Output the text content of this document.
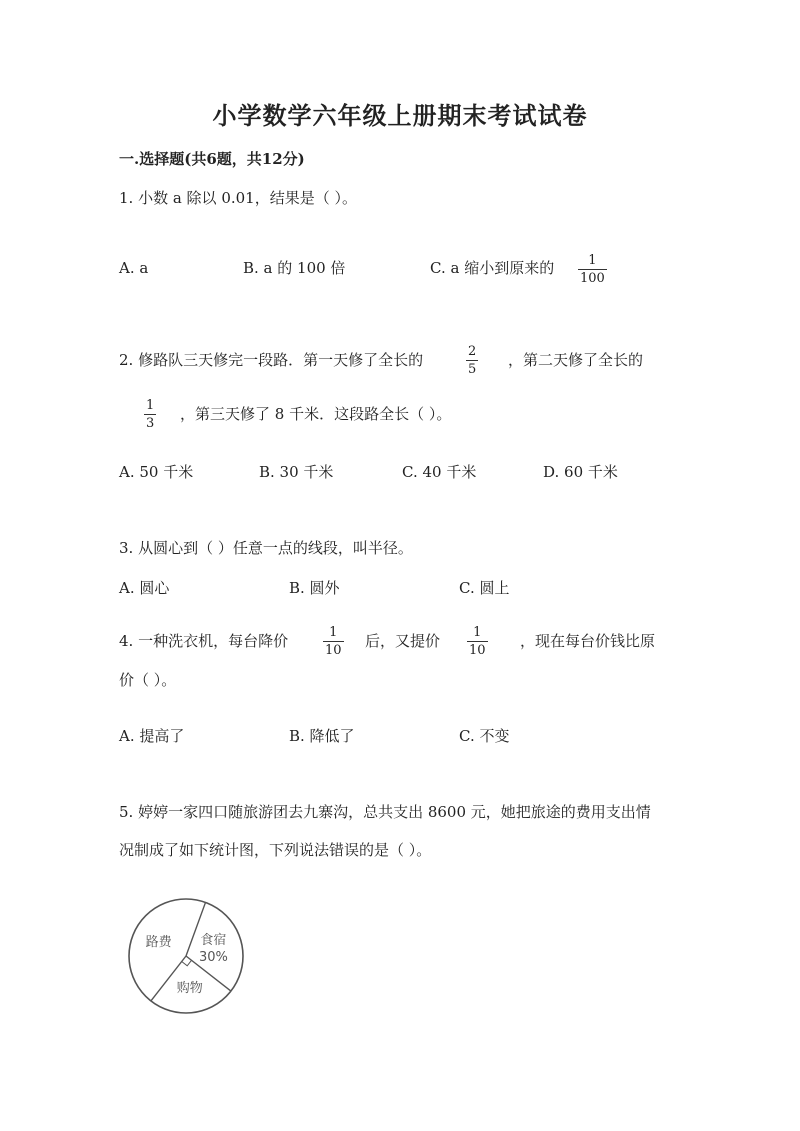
小学数学六年级上册期末考试试卷
一.选择题(共6题，共12分)
1. 小数 a 除以 0.01，结果是（ ）。
A. a	B. a 的 100 倍	C. a 缩小到原来的	1
100
2. 修路队三天修完一段路．第一天修了全长的	2
5
，第二天修了全长的
1
3
，第三天修了 8 千米．这段路全长（ ）。
A. 50 千米	B. 30 千米	C. 40 千米	D. 60 千米
3. 从圆心到（ ）任意一点的线段，叫半径。
A. 圆心	B. 圆外	C. 圆上
4. 一种洗衣机，每台降价	1
10
后，又提价	1
10
，现在每台价钱比原
价（ ）。
A. 提高了	B. 降低了	C. 不变
5. 婷婷一家四口随旅游团去九寨沟，总共支出 8600 元，她把旅途的费用支出情
况制成了如下统计图，下列说法错误的是（ ）。
食宿
30%
购物
路费
